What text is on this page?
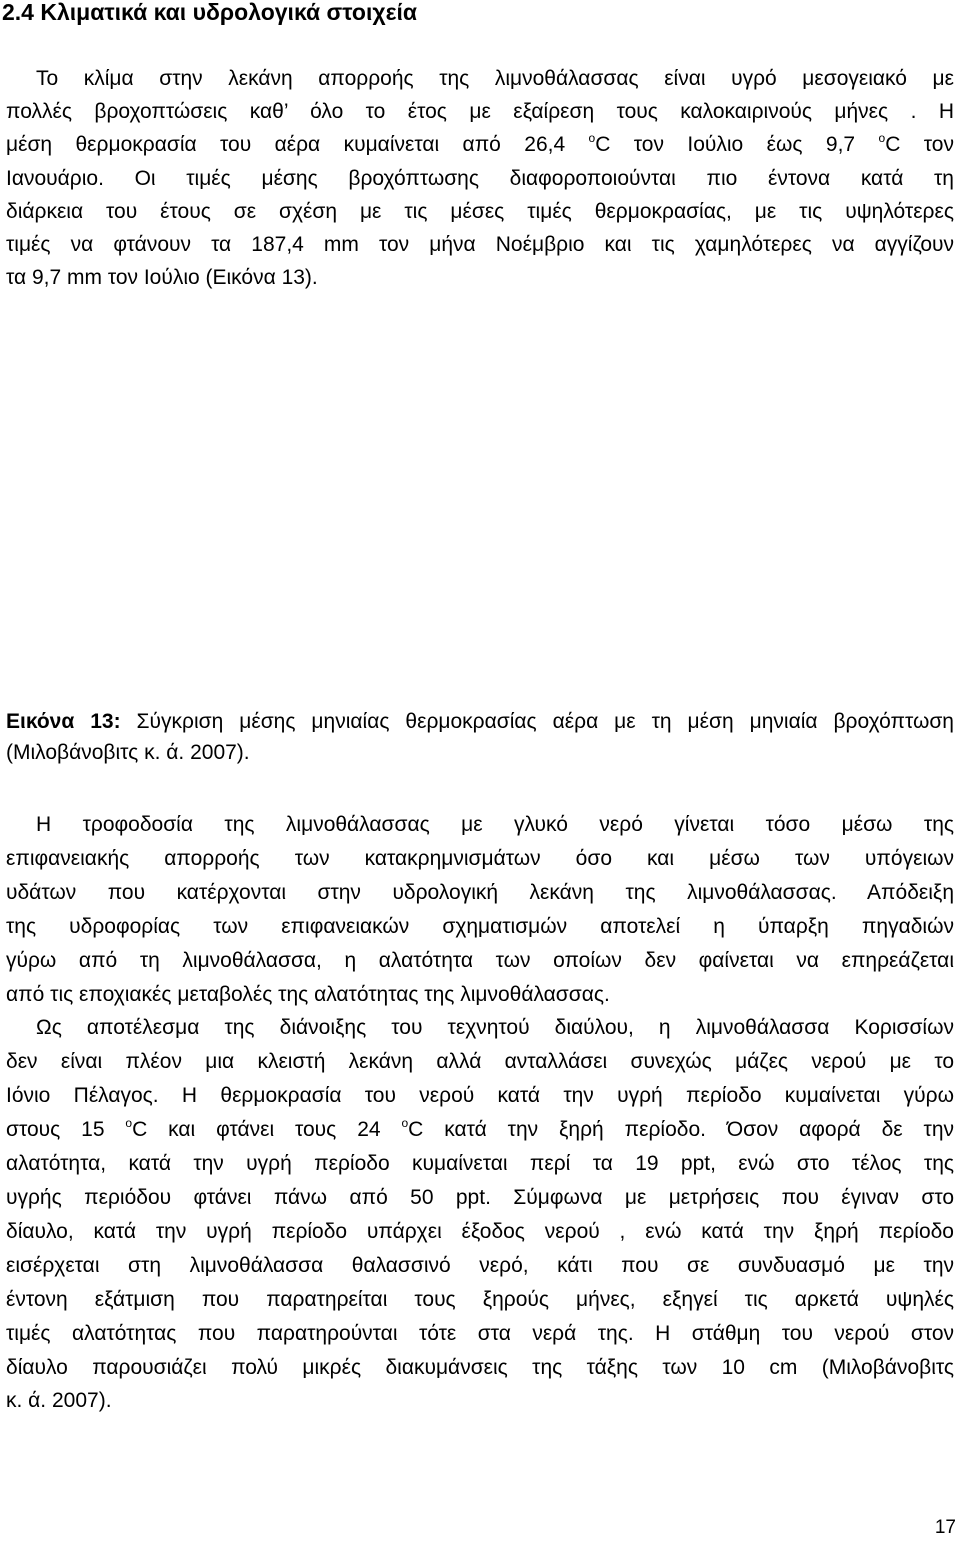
2.4 Κλιματικά και υδρολογικά στοιχεία

Το κλίμα στην λεκάνη απορροής της λιμνοθάλασσας είναι υγρό μεσογειακό με
πολλές βροχοπτώσεις καθ’ όλο το έτος με εξαίρεση τους καλοκαιρινούς μήνες . Η
μέση θερμοκρασία του αέρα κυμαίνεται από 26,4 $^o$C τον Ιούλιο έως 9,7 $^o$C τον
Ιανουάριο. Οι τιμές μέσης βροχόπτωσης διαφοροποιούνται πιο έντονα κατά τη
διάρκεια του έτους σε σχέση με τις μέσες τιμές θερμοκρασίας, με τις υψηλότερες
τιμές να φτάνουν τα 187,4 mm τον μήνα Νοέμβριο και τις χαμηλότερες να αγγίζουν
τα 9,7 mm τον Ιούλιο (Εικόνα 13).

Εικόνα 13: Σύγκριση μέσης μηνιαίας θερμοκρασίας αέρα με τη μέση μηνιαία βροχόπτωση (Μιλοβάνοβιτς κ. ά. 2007).

Η τροφοδοσία της λιμνοθάλασσας με γλυκό νερό γίνεται τόσο μέσω της
επιφανειακής απορροής των κατακρημνισμάτων όσο και μέσω των υπόγειων
υδάτων που κατέρχονται στην υδρολογική λεκάνη της λιμνοθάλασσας. Απόδειξη
της υδροφορίας των επιφανειακών σχηματισμών αποτελεί η ύπαρξη πηγαδιών
γύρω από τη λιμνοθάλασσα, η αλατότητα των οποίων δεν φαίνεται να επηρεάζεται
από τις εποχιακές μεταβολές της αλατότητας της λιμνοθάλασσας.
Ως αποτέλεσμα της διάνοιξης του τεχνητού διαύλου, η λιμνοθάλασσα Κορισσίων
δεν είναι πλέον μια κλειστή λεκάνη αλλά ανταλλάσει συνεχώς μάζες νερού με το
Ιόνιο Πέλαγος. Η θερμοκρασία του νερού κατά την υγρή περίοδο κυμαίνεται γύρω
στους 15 $^o$C και φτάνει τους 24 $^o$C κατά την ξηρή περίοδο. Όσον αφορά δε την
αλατότητα, κατά την υγρή περίοδο κυμαίνεται περί τα 19 ppt, ενώ στο τέλος της
υγρής περιόδου φτάνει πάνω από 50 ppt. Σύμφωνα με μετρήσεις που έγιναν στο
δίαυλο, κατά την υγρή περίοδο υπάρχει έξοδος νερού , ενώ κατά την ξηρή περίοδο
εισέρχεται στη λιμνοθάλασσα θαλασσινό νερό, κάτι που σε συνδυασμό με την
έντονη εξάτμιση που παρατηρείται τους ξηρούς μήνες, εξηγεί τις αρκετά υψηλές
τιμές αλατότητας που παρατηρούνται τότε στα νερά της. Η στάθμη του νερού στον
δίαυλο παρουσιάζει πολύ μικρές διακυμάνσεις της τάξης των 10 cm (Μιλοβάνοβιτς
κ. ά. 2007).

17
